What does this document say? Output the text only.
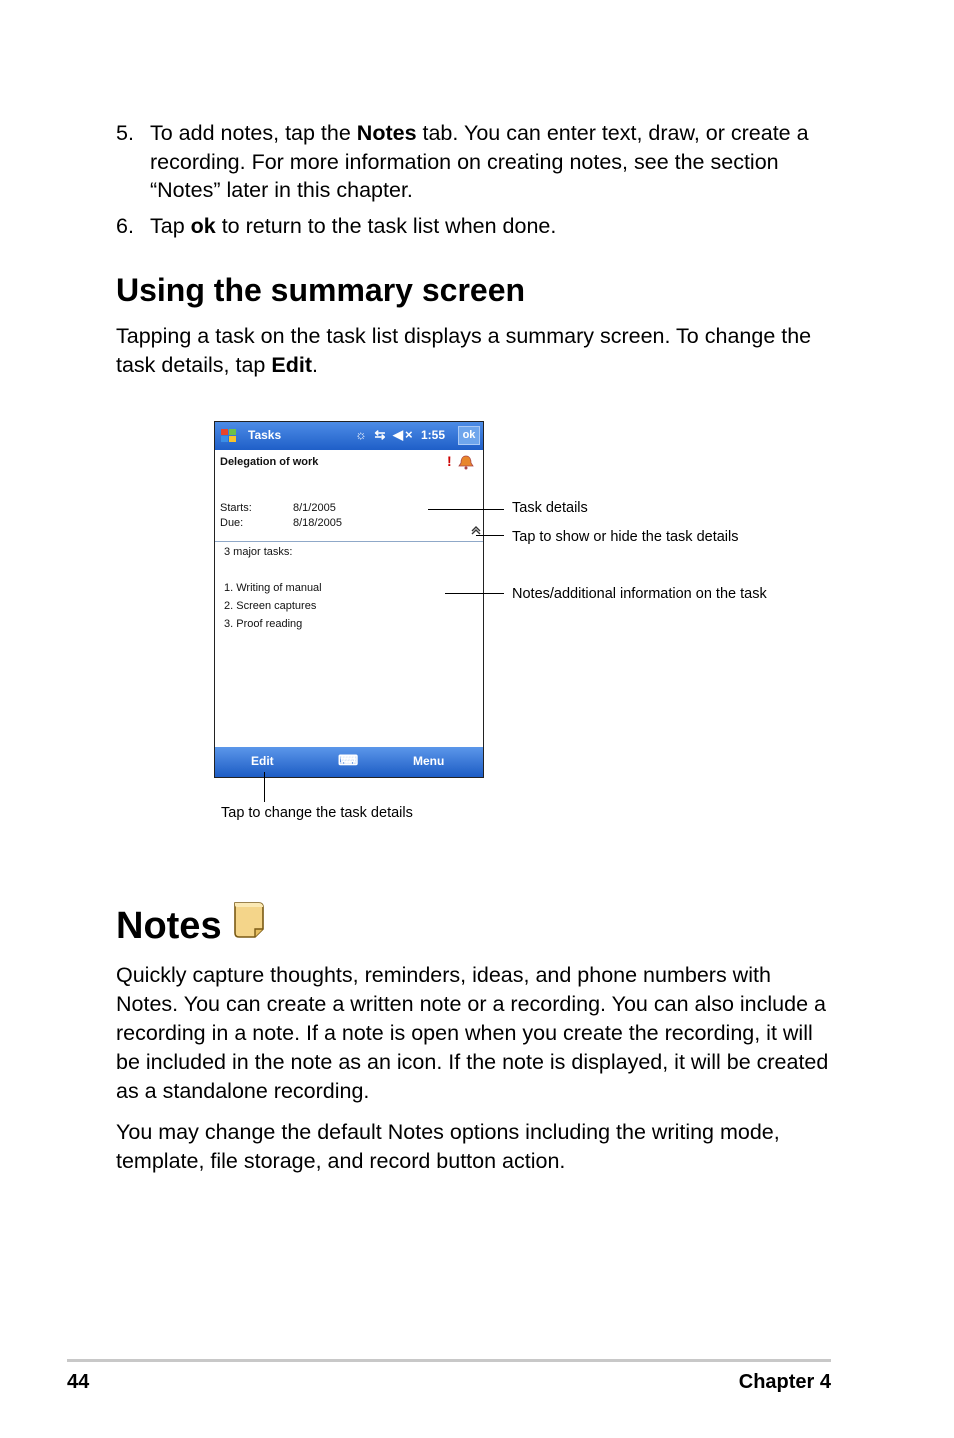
5. To add notes, tap the Notes tab. You can enter text, draw, or create a recording. For more information on creating notes, see the section “Notes” later in this chapter.
6. Tap ok to return to the task list when done.
Using the summary screen
Tapping a task on the task list displays a summary screen. To change the task details, tap Edit.
Tasks	☼ ⇆ ◀× 1:55	ok
Delegation of work	!
Starts:	8/1/2005
Due:	8/18/2005
3 major tasks:
1. Writing of manual
2. Screen captures
3. Proof reading
Edit	⌨	Menu
Task details
Tap to show or hide the task details
Notes/additional information on the task
Tap to change the task details
Notes
Quickly capture thoughts, reminders, ideas, and phone numbers with Notes. You can create a written note or a recording. You can also include a recording in a note. If a note is open when you create the recording, it will be included in the note as an icon. If the note is displayed, it will be created as a standalone recording.
You may change the default Notes options including the writing mode, template, file storage, and record button action.
44	Chapter 4
